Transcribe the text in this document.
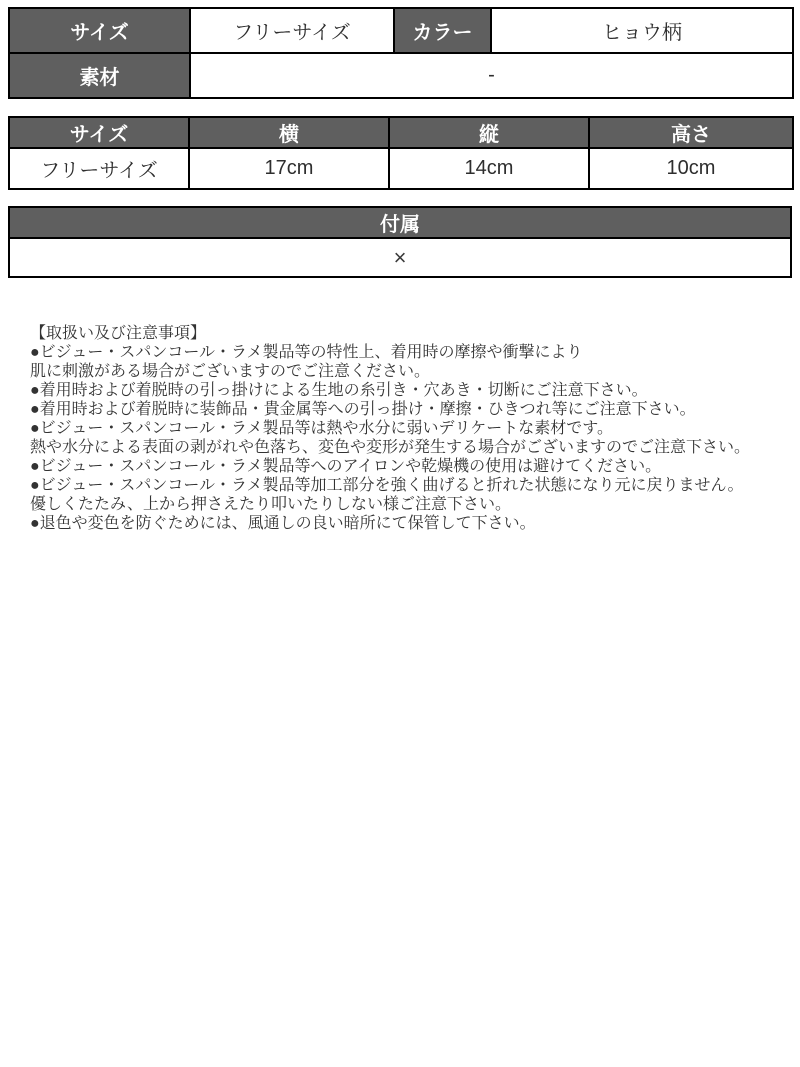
サイズ	フリーサイズ	カラー	ヒョウ柄
素材	-		
サイズ	横	縦	高さ
フリーサイズ	17cm	14cm	10cm
付属
×
【取扱い及び注意事項】
●ビジュー・スパンコール・ラメ製品等の特性上、着用時の摩擦や衝撃により
肌に刺激がある場合がございますのでご注意ください。
●着用時および着脱時の引っ掛けによる生地の糸引き・穴あき・切断にご注意下さい。
●着用時および着脱時に装飾品・貴金属等への引っ掛け・摩擦・ひきつれ等にご注意下さい。
●ビジュー・スパンコール・ラメ製品等は熱や水分に弱いデリケートな素材です。
熱や水分による表面の剥がれや色落ち、変色や変形が発生する場合がございますのでご注意下さい。
●ビジュー・スパンコール・ラメ製品等へのアイロンや乾燥機の使用は避けてください。
●ビジュー・スパンコール・ラメ製品等加工部分を強く曲げると折れた状態になり元に戻りません。
優しくたたみ、上から押さえたり叩いたりしない様ご注意下さい。
●退色や変色を防ぐためには、風通しの良い暗所にて保管して下さい。
